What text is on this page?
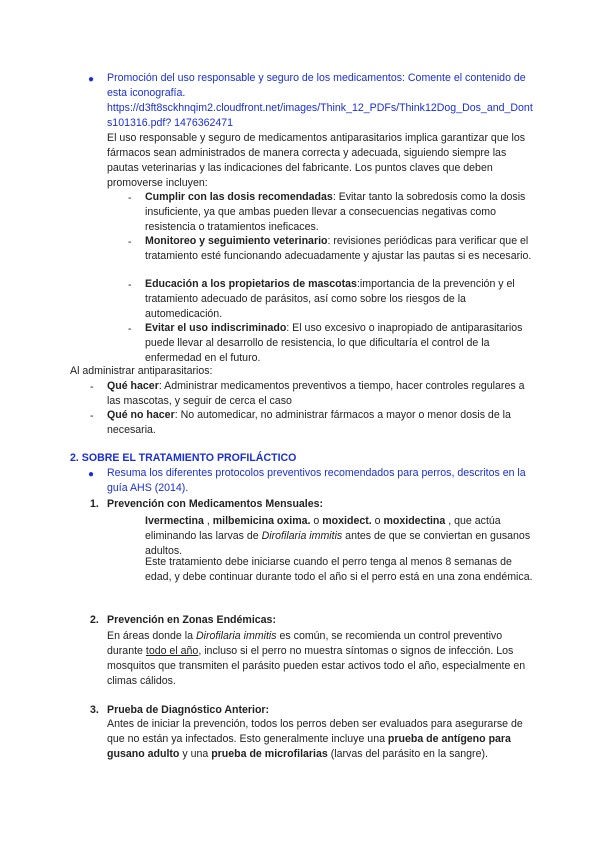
● Promoción del uso responsable y seguro de los medicamentos: Comente el contenido de esta iconografía.
https://d3ft8sckhnqim2.cloudfront.net/images/Think_12_PDFs/Think12Dog_Dos_and_Donts101316.pdf? 1476362471
El uso responsable y seguro de medicamentos antiparasitarios implica garantizar que los fármacos sean administrados de manera correcta y adecuada, siguiendo siempre las pautas veterinarias y las indicaciones del fabricante. Los puntos claves que deben promoverse incluyen:
- Cumplir con las dosis recomendadas: Evitar tanto la sobredosis como la dosis insuficiente, ya que ambas pueden llevar a consecuencias negativas como resistencia o tratamientos ineficaces.
- Monitoreo y seguimiento veterinario: revisiones periódicas para verificar que el tratamiento esté funcionando adecuadamente y ajustar las pautas si es necesario.
- Educación a los propietarios de mascotas:importancia de la prevención y el tratamiento adecuado de parásitos, así como sobre los riesgos de la automedicación.
- Evitar el uso indiscriminado: El uso excesivo o inapropiado de antiparasitarios puede llevar al desarrollo de resistencia, lo que dificultaría el control de la enfermedad en el futuro.
Al administrar antiparasitarios:
- Qué hacer: Administrar medicamentos preventivos a tiempo, hacer controles regulares a las mascotas, y seguir de cerca el caso
- Qué no hacer: No automedicar, no administrar fármacos a mayor o menor dosis de la necesaria.
2. SOBRE EL TRATAMIENTO PROFILÁCTICO
● Resuma los diferentes protocolos preventivos recomendados para perros, descritos en la guía AHS (2014).
1. Prevención con Medicamentos Mensuales:
Ivermectina , milbemicina oxima. o moxidect. o moxidectina , que actúa eliminando las larvas de Dirofilaria immitis antes de que se conviertan en gusanos adultos.
Este tratamiento debe iniciarse cuando el perro tenga al menos 8 semanas de edad, y debe continuar durante todo el año si el perro está en una zona endémica.
2. Prevención en Zonas Endémicas:
En áreas donde la Dirofilaria immitis es común, se recomienda un control preventivo durante todo el año, incluso si el perro no muestra síntomas o signos de infección. Los mosquitos que transmiten el parásito pueden estar activos todo el año, especialmente en climas cálidos.
3. Prueba de Diagnóstico Anterior:
Antes de iniciar la prevención, todos los perros deben ser evaluados para asegurarse de que no están ya infectados. Esto generalmente incluye una prueba de antígeno para gusano adulto y una prueba de microfilarias (larvas del parásito en la sangre).
